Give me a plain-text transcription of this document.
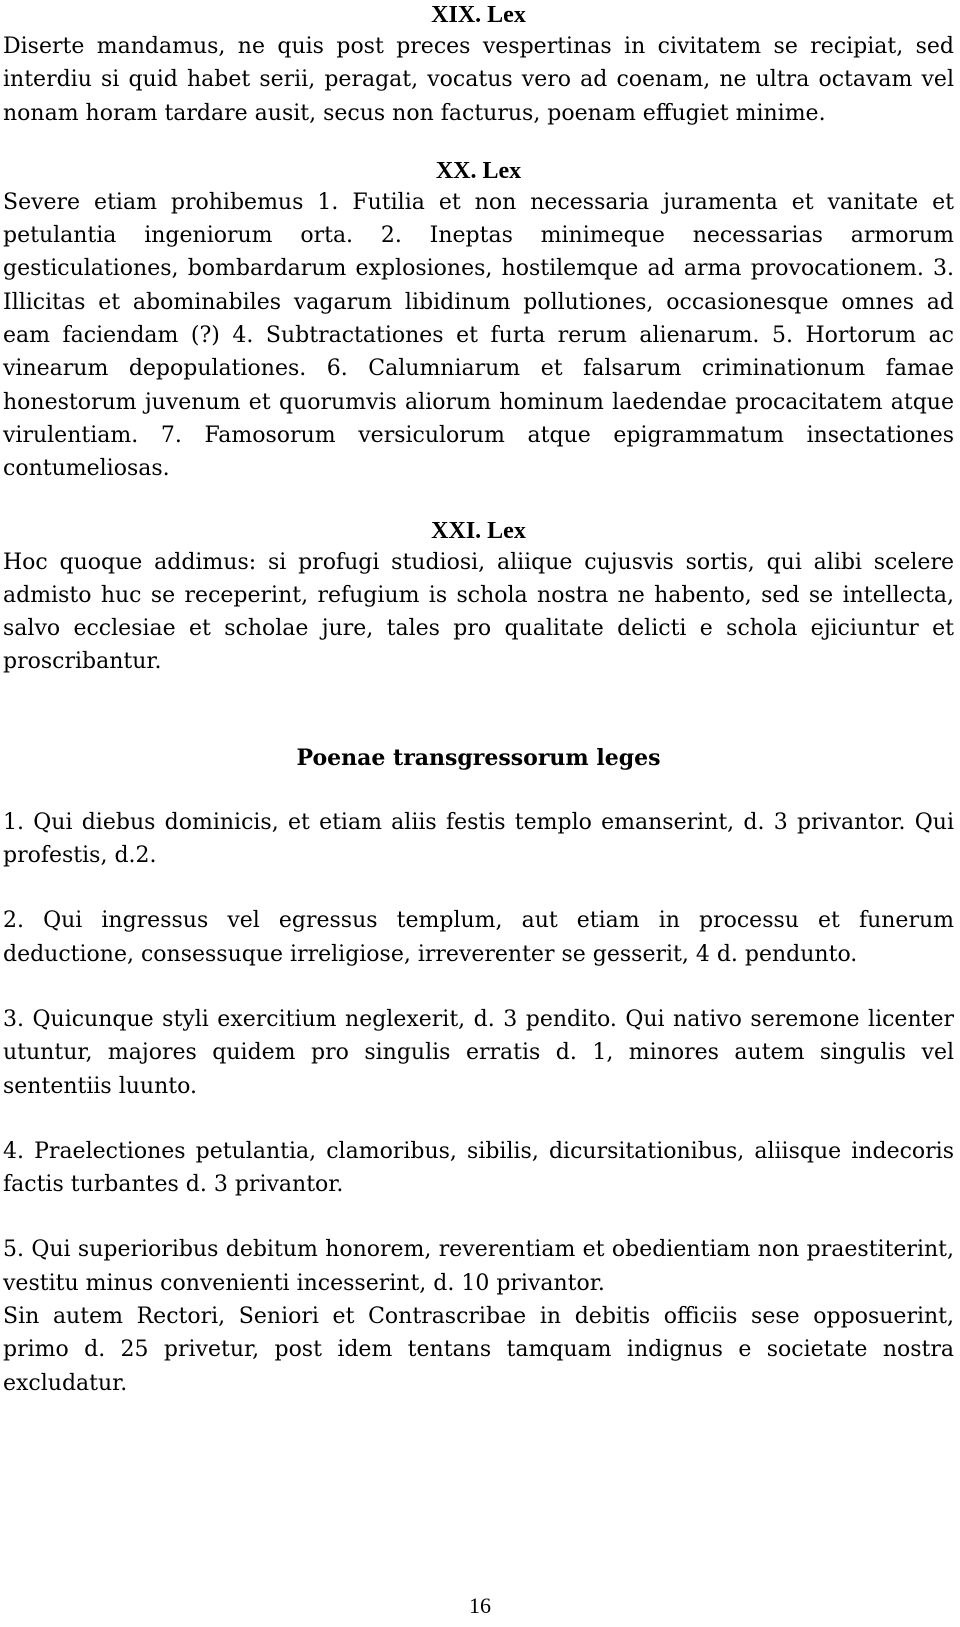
XIX. Lex

Diserte mandamus, ne quis post preces vespertinas in civitatem se recipiat, sed interdiu si quid habet serii, peragat, vocatus vero ad coenam, ne ultra octavam vel nonam horam tardare ausit, secus non facturus, poenam effugiet minime.

XX. Lex

Severe etiam prohibemus 1. Futilia et non necessaria juramenta et vanitate et petulantia ingeniorum orta. 2. Ineptas minimeque necessarias armorum gesticulationes, bombardarum explosiones, hostilemque ad arma provocationem. 3. Illicitas et abominabiles vagarum libidinum pollutiones, occasionesque omnes ad eam faciendam (?) 4. Subtractationes et furta rerum alienarum. 5. Hortorum ac vinearum depopulationes. 6. Calumniarum et falsarum criminationum famae honestorum juvenum et quorumvis aliorum hominum laedendae procacitatem atque virulentiam. 7. Famosorum versiculorum atque epigrammatum insectationes contumeliosas.

XXI. Lex

Hoc quoque addimus: si profugi studiosi, aliique cujusvis sortis, qui alibi scelere admisto huc se receperint, refugium is schola nostra ne habento, sed se intellecta, salvo ecclesiae et scholae jure, tales pro qualitate delicti e schola ejiciuntur et proscribantur.

Poenae transgressorum leges

1. Qui diebus dominicis, et etiam aliis festis templo emanserint, d. 3 privantor. Qui profestis, d.2.

2. Qui ingressus vel egressus templum, aut etiam in processu et funerum deductione, consessuque irreligiose, irreverenter se gesserit, 4 d. pendunto.

3. Quicunque styli exercitium neglexerit, d. 3 pendito. Qui nativo seremone licenter utuntur, majores quidem pro singulis erratis d. 1, minores autem singulis vel sententiis luunto.

4. Praelectiones petulantia, clamoribus, sibilis, dicursitationibus, aliisque indecoris factis turbantes d. 3 privantor.

5. Qui superioribus debitum honorem, reverentiam et obedientiam non praestiterint, vestitu minus convenienti incesserint, d. 10 privantor.

Sin autem Rectori, Seniori et Contrascribae in debitis officiis sese opposuerint, primo d. 25 privetur, post idem tentans tamquam indignus e societate nostra excludatur.

16
